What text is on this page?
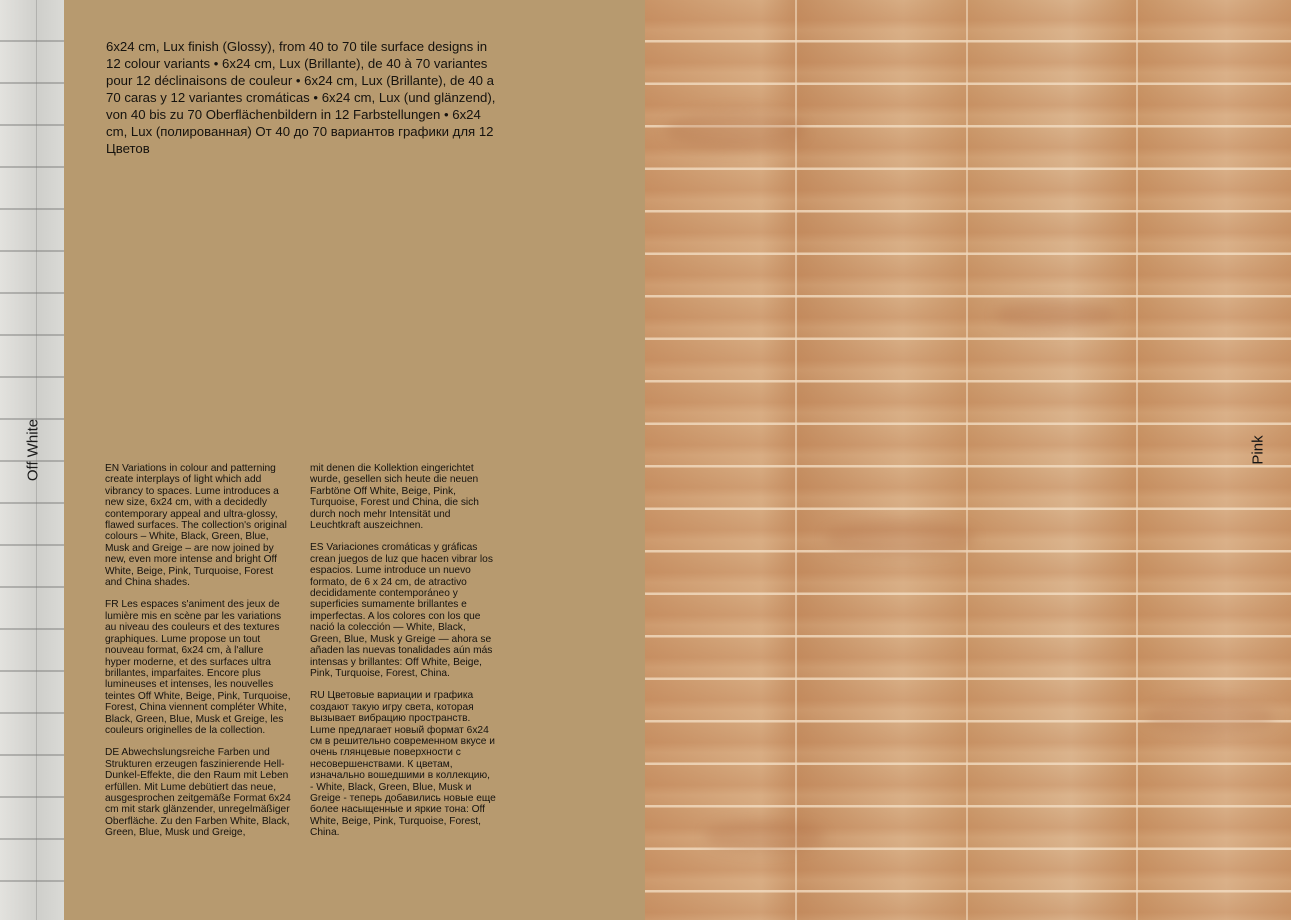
Off White
6x24 cm, Lux finish (Glossy), from 40 to 70 tile surface designs in 12 colour variants • 6x24 cm, Lux (Brillante), de 40 à 70 variantes pour 12 déclinaisons de couleur • 6x24 cm, Lux (Brillante), de 40 a 70 caras y 12 variantes cromáticas • 6x24 cm, Lux (und glänzend), von 40 bis zu 70 Oberflächenbildern in 12 Farbstellungen • 6x24 cm, Lux (полированная) От 40 до 70 вариантов графики для 12 Цветов

EN Variations in colour and patterning create interplays of light which add vibrancy to spaces. Lume introduces a new size, 6x24 cm, with a decidedly contemporary appeal and ultra-glossy, flawed surfaces. The collection's original colours – White, Black, Green, Blue, Musk and Greige – are now joined by new, even more intense and bright Off White, Beige, Pink, Turquoise, Forest and China shades.

FR Les espaces s'animent des jeux de lumière mis en scène par les variations au niveau des couleurs et des textures graphiques. Lume propose un tout nouveau format, 6x24 cm, à l'allure hyper moderne, et des surfaces ultra brillantes, imparfaites. Encore plus lumineuses et intenses, les nouvelles teintes Off White, Beige, Pink, Turquoise, Forest, China viennent compléter White, Black, Green, Blue, Musk et Greige, les couleurs originelles de la collection.

DE Abwechslungsreiche Farben und Strukturen erzeugen faszinierende Hell-Dunkel-Effekte, die den Raum mit Leben erfüllen. Mit Lume debütiert das neue, ausgesprochen zeitgemäße Format 6x24 cm mit stark glänzender, unregelmäßiger Oberfläche. Zu den Farben White, Black, Green, Blue, Musk und Greige,

mit denen die Kollektion eingerichtet wurde, gesellen sich heute die neuen Farbtöne Off White, Beige, Pink, Turquoise, Forest und China, die sich durch noch mehr Intensität und Leuchtkraft auszeichnen.

ES Variaciones cromáticas y gráficas crean juegos de luz que hacen vibrar los espacios. Lume introduce un nuevo formato, de 6 x 24 cm, de atractivo decididamente contemporáneo y superficies sumamente brillantes e imperfectas. A los colores con los que nació la colección — White, Black, Green, Blue, Musk y Greige — ahora se añaden las nuevas tonalidades aún más intensas y brillantes: Off White, Beige, Pink, Turquoise, Forest, China.

RU Цветовые вариации и графика создают такую игру света, которая вызывает вибрацию пространств. Lume предлагает новый формат 6x24 см в решительно современном вкусе и очень глянцевые поверхности с несовершенствами. К цветам, изначально вошедшими в коллекцию, - White, Black, Green, Blue, Musk и Greige - теперь добавились новые еще более насыщенные и яркие тона: Off White, Beige, Pink, Turquoise, Forest, China.

Pink
